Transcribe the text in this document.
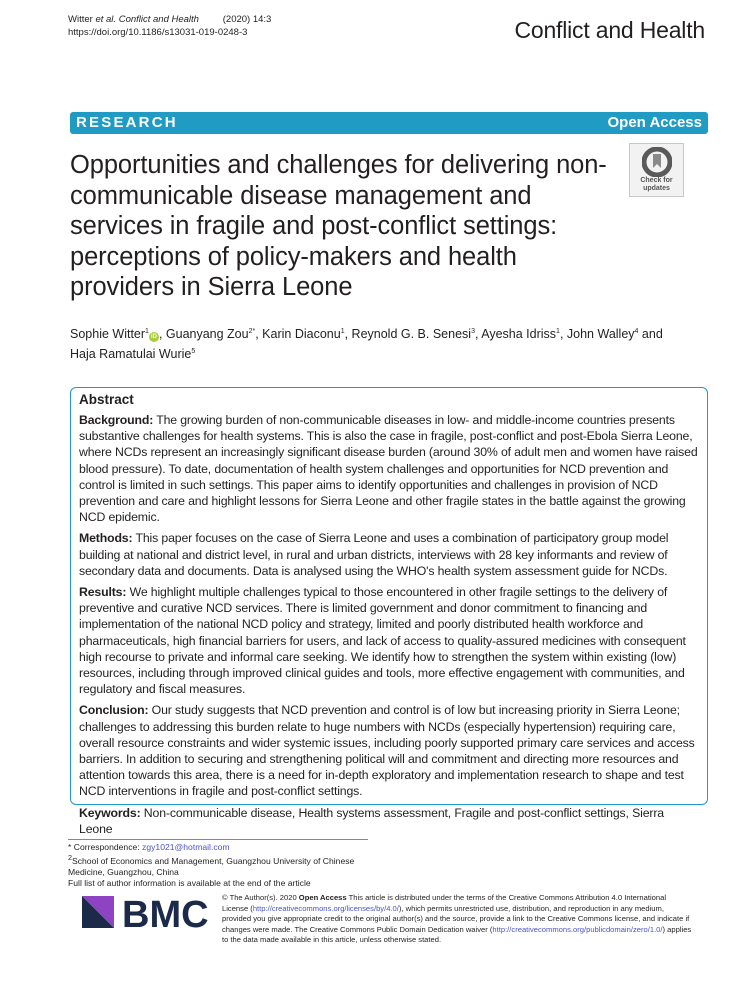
Witter et al. Conflict and Health	(2020) 14:3
https://doi.org/10.1186/s13031-019-0248-3	Conflict and Health
RESEARCH	Open Access
Opportunities and challenges for delivering non-communicable disease management and services in fragile and post-conflict settings: perceptions of policy-makers and health providers in Sierra Leone
Check for
updates
Sophie Witter$^1$iD , Guanyang Zou$^{2*}$, Karin Diaconu$^1$, Reynold G. B. Senesi$^3$, Ayesha Idriss$^1$, John Walley$^4$ and
Haja Ramatulai Wurie$^5$
Abstract

Background: The growing burden of non-communicable diseases in low- and middle-income countries presents substantive challenges for health systems. This is also the case in fragile, post-conflict and post-Ebola Sierra Leone, where NCDs represent an increasingly significant disease burden (around 30% of adult men and women have raised blood pressure). To date, documentation of health system challenges and opportunities for NCD prevention and control is limited in such settings. This paper aims to identify opportunities and challenges in provision of NCD prevention and care and highlight lessons for Sierra Leone and other fragile states in the battle against the growing NCD epidemic.

Methods: This paper focuses on the case of Sierra Leone and uses a combination of participatory group model building at national and district level, in rural and urban districts, interviews with 28 key informants and review of secondary data and documents. Data is analysed using the WHO's health system assessment guide for NCDs.

Results: We highlight multiple challenges typical to those encountered in other fragile settings to the delivery of preventive and curative NCD services. There is limited government and donor commitment to financing and implementation of the national NCD policy and strategy, limited and poorly distributed health workforce and pharmaceuticals, high financial barriers for users, and lack of access to quality-assured medicines with consequent high recourse to private and informal care seeking. We identify how to strengthen the system within existing (low) resources, including through improved clinical guides and tools, more effective engagement with communities, and regulatory and fiscal measures.

Conclusion: Our study suggests that NCD prevention and control is of low but increasing priority in Sierra Leone; challenges to addressing this burden relate to huge numbers with NCDs (especially hypertension) requiring care, overall resource constraints and wider systemic issues, including poorly supported primary care services and access barriers. In addition to securing and strengthening political will and commitment and directing more resources and attention towards this area, there is a need for in-depth exploratory and implementation research to shape and test NCD interventions in fragile and post-conflict settings.

Keywords: Non-communicable disease, Health systems assessment, Fragile and post-conflict settings, Sierra Leone

* Correspondence: zgy1021@hotmail.com
$^2$School of Economics and Management, Guangzhou University of Chinese Medicine, Guangzhou, China
Full list of author information is available at the end of the article
BMC © The Author(s). 2020 Open Access This article is distributed under the terms of the Creative Commons Attribution 4.0 International License (http://creativecommons.org/licenses/by/4.0/), which permits unrestricted use, distribution, and reproduction in any medium, provided you give appropriate credit to the original author(s) and the source, provide a link to the Creative Commons license, and indicate if changes were made. The Creative Commons Public Domain Dedication waiver (http://creativecommons.org/publicdomain/zero/1.0/) applies to the data made available in this article, unless otherwise stated.
